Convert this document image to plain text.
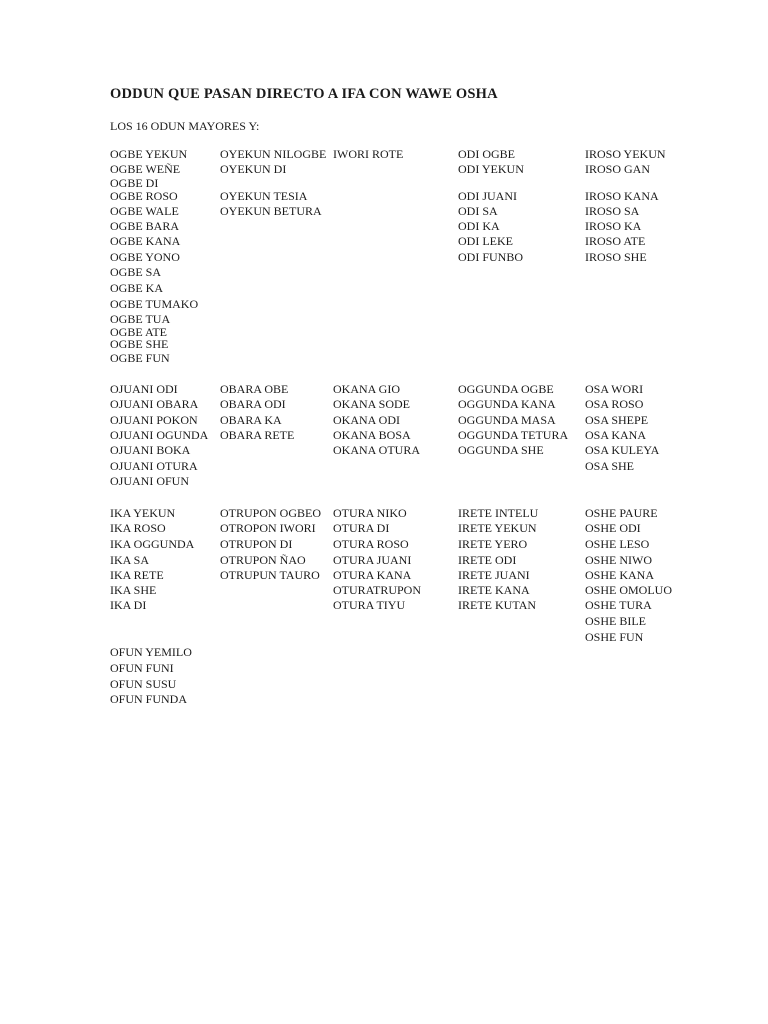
ODDUN QUE PASAN DIRECTO A IFA CON WAWE OSHA
LOS 16 ODUN MAYORES Y:
OGBE YEKUN
OGBE WEÑE
OGBE DI
OGBE ROSO
OGBE WALE
OGBE BARA
OGBE KANA
OGBE YONO
OGBE SA
OGBE KA
OGBE TUMAKO
OGBE TUA
OGBE ATE
OGBE SHE
OGBE FUN
OYEKUN NILOGBE
OYEKUN DI
OYEKUN TESIA
OYEKUN BETURA
IWORI ROTE	ODI OGBE
ODI YEKUN
ODI JUANI
ODI SA
ODI KA
ODI LEKE
ODI FUNBO
IROSO YEKUN
IROSO GAN
IROSO KANA
IROSO SA
IROSO KA
IROSO ATE
IROSO SHE
OJUANI ODI
OJUANI OBARA
OJUANI POKON
OJUANI OGUNDA
OJUANI BOKA
OJUANI OTURA
OJUANI OFUN
OBARA OBE
OBARA ODI
OBARA KA
OBARA RETE
OKANA GIO
OKANA SODE
OKANA ODI
OKANA BOSA
OKANA OTURA
OGGUNDA OGBE
OGGUNDA KANA
OGGUNDA MASA
OGGUNDA TETURA
OGGUNDA SHE
OSA WORI
OSA ROSO
OSA SHEPE
OSA KANA
OSA KULEYA
OSA SHE
IKA YEKUN
IKA ROSO
IKA OGGUNDA
IKA SA
IKA RETE
IKA SHE
IKA DI
OTRUPON OGBEO
OTROPON IWORI
OTRUPON DI
OTRUPON ÑAO
OTRUPUN TAURO
OTURA NIKO
OTURA DI
OTURA ROSO
OTURA JUANI
OTURA KANA
OTURATRUPON
OTURA TIYU
IRETE INTELU
IRETE YEKUN
IRETE YERO
IRETE ODI
IRETE JUANI
IRETE KANA
IRETE KUTAN
OSHE PAURE
OSHE ODI
OSHE LESO
OSHE NIWO
OSHE KANA
OSHE OMOLUO
OSHE TURA
OSHE BILE
OSHE FUN
OFUN YEMILO
OFUN FUNI
OFUN SUSU
OFUN FUNDA
